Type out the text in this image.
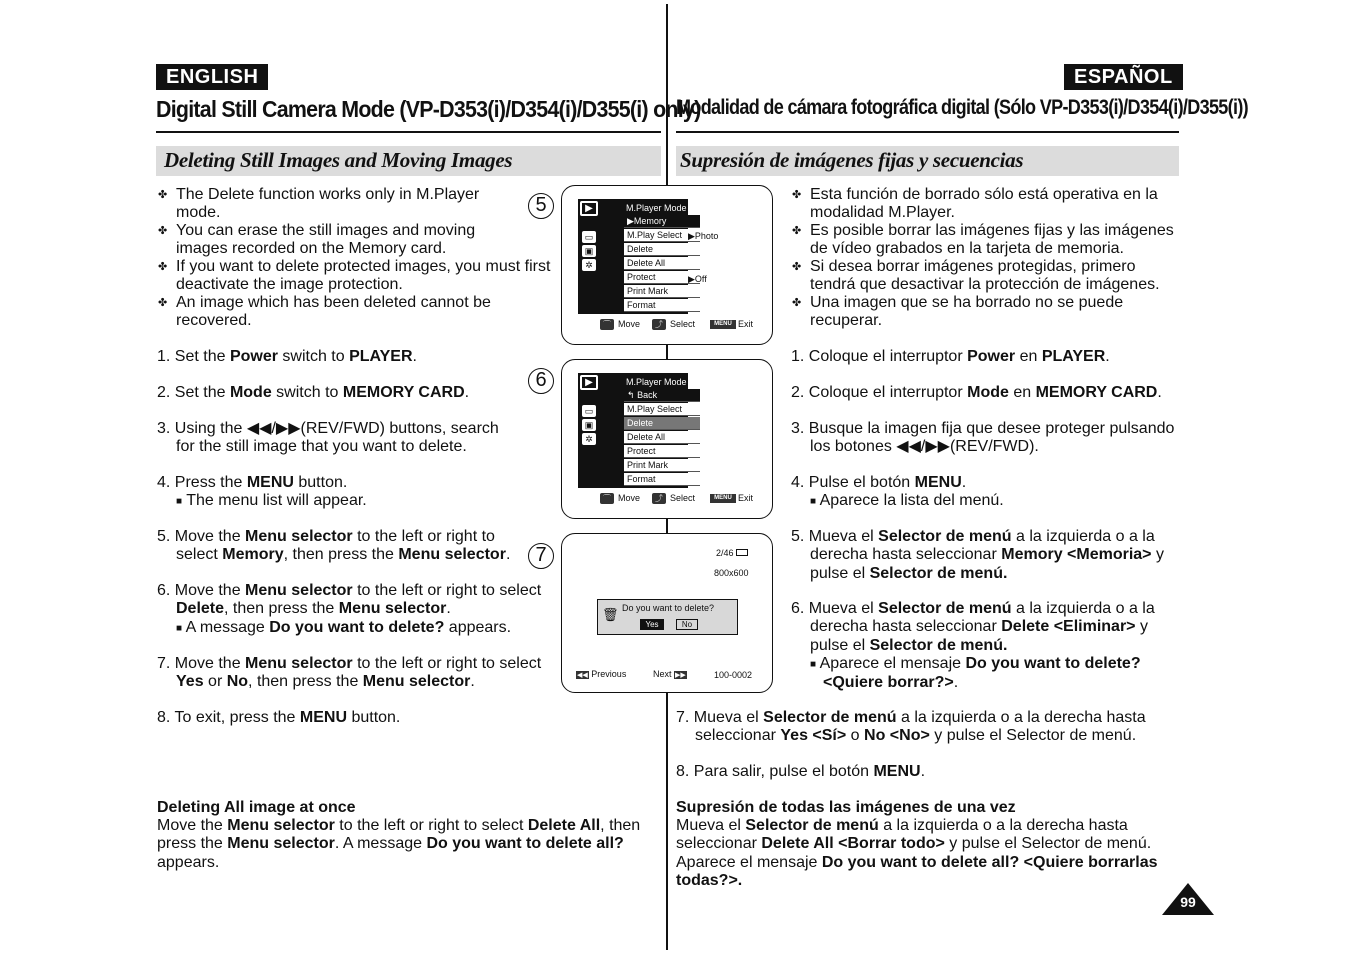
ENGLISH	ESPAÑOL
Digital Still Camera Mode (VP-D353(i)/D354(i)/D355(i) only)
Modalidad de cámara fotográfica digital (Sólo VP-D353(i)/D354(i)/D355(i))
Deleting Still Images and Moving Images	Supresión de imágenes fijas y secuencias
✤ The Delete function works only in M.Player
mode.
✤ You can erase the still images and moving
images recorded on the Memory card.
✤ If you want to delete protected images, you must first
deactivate the image protection.
✤ An image which has been deleted cannot be
recovered.
1. Set the Power switch to PLAYER.
2. Set the Mode switch to MEMORY CARD.
3. Using the ◀◀/▶▶(REV/FWD) buttons, search
for the still image that you want to delete.
4. Press the MENU button.
■ The menu list will appear.
5. Move the Menu selector to the left or right to
select Memory, then press the Menu selector.
6. Move the Menu selector to the left or right to select
Delete, then press the Menu selector.
■ A message Do you want to delete? appears.
7. Move the Menu selector to the left or right to select
Yes or No, then press the Menu selector.
8. To exit, press the MENU button.
Deleting All image at once
Move the Menu selector to the left or right to select Delete All, then
press the Menu selector. A message Do you want to delete all?
appears.
5	▶
▭
▣
✲
M.Player Mode
▶Memory
M.Play Select
Delete
Delete All
Protect
Print Mark
Format
▶Photo
▶Off
⌒ Move	⤴ Select	MENU Exit
6	▶
▭
▣
✲
M.Player Mode
↰ Back
M.Play Select
Delete
Delete All
Protect
Print Mark
Format
⌒ Move	⤴ Select	MENU Exit
7	2/46
800x600
🗑 Do you want to delete?
Yes	No
◀◀ Previous	Next ▶▶	100-0002
✤ Esta función de borrado sólo está operativa en la
modalidad M.Player.
✤ Es posible borrar las imágenes fijas y las imágenes
de vídeo grabados en la tarjeta de memoria.
✤ Si desea borrar imágenes protegidas, primero
tendrá que desactivar la protección de imágenes.
✤ Una imagen que se ha borrado no se puede
recuperar.
1. Coloque el interruptor Power en PLAYER.
2. Coloque el interruptor Mode en MEMORY CARD.
3. Busque la imagen fija que desee proteger pulsando
los botones ◀◀/▶▶(REV/FWD).
4. Pulse el botón MENU.
■ Aparece la lista del menú.
5. Mueva el Selector de menú a la izquierda o a la
derecha hasta seleccionar Memory <Memoria> y
pulse el Selector de menú.
6. Mueva el Selector de menú a la izquierda o a la
derecha hasta seleccionar Delete <Eliminar> y
pulse el Selector de menú.
■ Aparece el mensaje Do you want to delete?
<Quiere borrar?>.
7. Mueva el Selector de menú a la izquierda o a la derecha hasta
seleccionar Yes <Sí> o No <No> y pulse el Selector de menú.
8. Para salir, pulse el botón MENU.
Supresión de todas las imágenes de una vez
Mueva el Selector de menú a la izquierda o a la derecha hasta
seleccionar Delete All <Borrar todo> y pulse el Selector de menú.
Aparece el mensaje Do you want to delete all? <Quiere borrarlas
todas?>.
99
